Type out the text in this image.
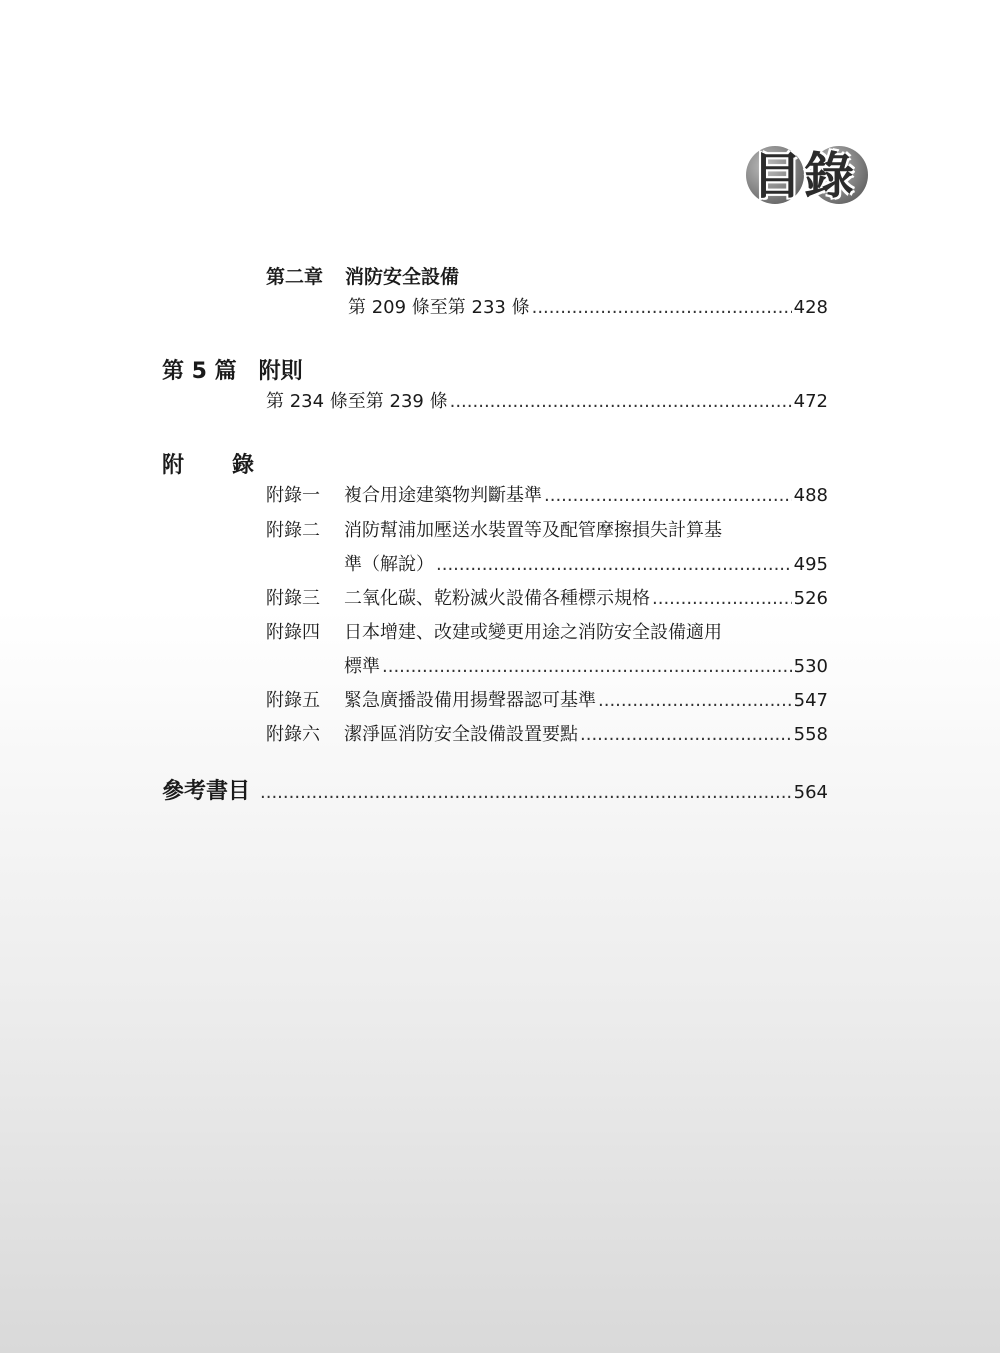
目錄
第二章 消防安全設備
第 209 條至第 233 條 .....	428
第 5 篇 附則
第 234 條至第 239 條 .....	472
附 錄
附錄一	複合用途建築物判斷基準 .....	488
附錄二	消防幫浦加壓送水裝置等及配管摩擦損失計算基
準（解說） .....	495
附錄三	二氧化碳、乾粉滅火設備各種標示規格 .....	526
附錄四	日本增建、改建或變更用途之消防安全設備適用
標準 .....	530
附錄五	緊急廣播設備用揚聲器認可基準 .....	547
附錄六	潔淨區消防安全設備設置要點 .....	558
參考書目 .....	564
